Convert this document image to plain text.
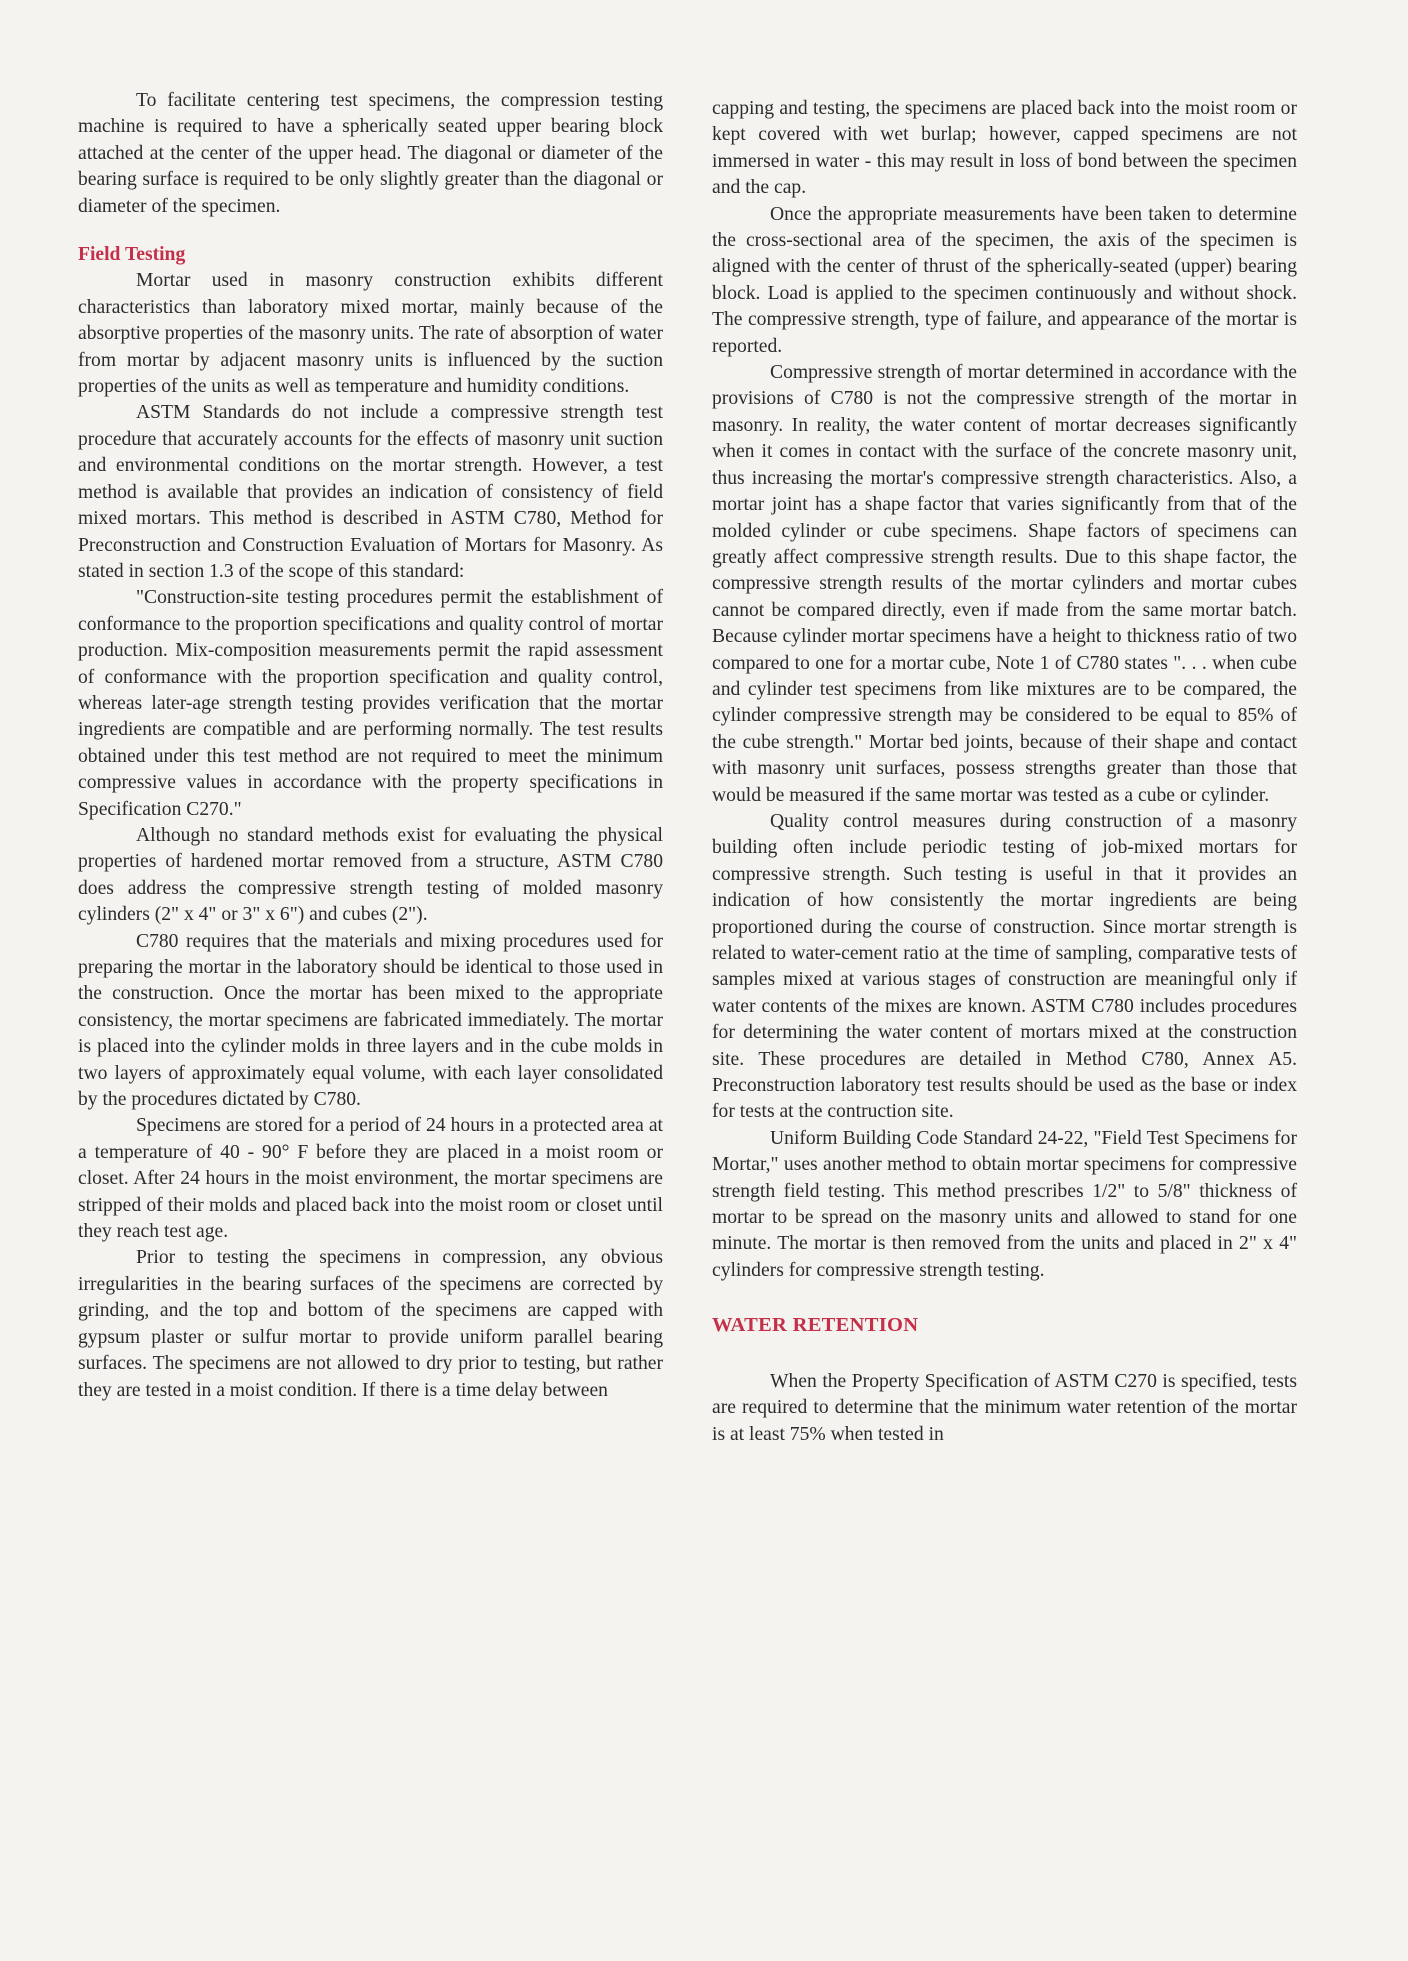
To facilitate centering test specimens, the compression testing machine is required to have a spherically seated upper bearing block attached at the center of the upper head. The diagonal or diameter of the bearing surface is required to be only slightly greater than the diagonal or diameter of the specimen.

Field Testing

Mortar used in masonry construction exhibits different characteristics than laboratory mixed mortar, mainly because of the absorptive properties of the masonry units. The rate of absorption of water from mortar by adjacent masonry units is influenced by the suction properties of the units as well as temperature and humidity conditions.

ASTM Standards do not include a compressive strength test procedure that accurately accounts for the effects of masonry unit suction and environmental conditions on the mortar strength. However, a test method is available that provides an indication of consistency of field mixed mortars. This method is described in ASTM C780, Method for Preconstruction and Construction Evaluation of Mortars for Masonry. As stated in section 1.3 of the scope of this standard:

"Construction-site testing procedures permit the establishment of conformance to the proportion specifications and quality control of mortar production. Mix-composition measurements permit the rapid assessment of conformance with the proportion specification and quality control, whereas later-age strength testing provides verification that the mortar ingredients are compatible and are performing normally. The test results obtained under this test method are not required to meet the minimum compressive values in accordance with the property specifications in Specification C270."

Although no standard methods exist for evaluating the physical properties of hardened mortar removed from a structure, ASTM C780 does address the compressive strength testing of molded masonry cylinders (2" x 4" or 3" x 6") and cubes (2").

C780 requires that the materials and mixing procedures used for preparing the mortar in the laboratory should be identical to those used in the construction. Once the mortar has been mixed to the appropriate consistency, the mortar specimens are fabricated immediately. The mortar is placed into the cylinder molds in three layers and in the cube molds in two layers of approximately equal volume, with each layer consolidated by the procedures dictated by C780.

Specimens are stored for a period of 24 hours in a protected area at a temperature of 40 - 90° F before they are placed in a moist room or closet. After 24 hours in the moist environment, the mortar specimens are stripped of their molds and placed back into the moist room or closet until they reach test age.

Prior to testing the specimens in compression, any obvious irregularities in the bearing surfaces of the specimens are corrected by grinding, and the top and bottom of the specimens are capped with gypsum plaster or sulfur mortar to provide uniform parallel bearing surfaces. The specimens are not allowed to dry prior to testing, but rather they are tested in a moist condition. If there is a time delay between

capping and testing, the specimens are placed back into the moist room or kept covered with wet burlap; however, capped specimens are not immersed in water - this may result in loss of bond between the specimen and the cap.

Once the appropriate measurements have been taken to determine the cross-sectional area of the specimen, the axis of the specimen is aligned with the center of thrust of the spherically-seated (upper) bearing block. Load is applied to the specimen continuously and without shock. The compressive strength, type of failure, and appearance of the mortar is reported.

Compressive strength of mortar determined in accordance with the provisions of C780 is not the compressive strength of the mortar in masonry. In reality, the water content of mortar decreases significantly when it comes in contact with the surface of the concrete masonry unit, thus increasing the mortar's compressive strength characteristics. Also, a mortar joint has a shape factor that varies significantly from that of the molded cylinder or cube specimens. Shape factors of specimens can greatly affect compressive strength results. Due to this shape factor, the compressive strength results of the mortar cylinders and mortar cubes cannot be compared directly, even if made from the same mortar batch. Because cylinder mortar specimens have a height to thickness ratio of two compared to one for a mortar cube, Note 1 of C780 states ". . . when cube and cylinder test specimens from like mixtures are to be compared, the cylinder compressive strength may be considered to be equal to 85% of the cube strength." Mortar bed joints, because of their shape and contact with masonry unit surfaces, possess strengths greater than those that would be measured if the same mortar was tested as a cube or cylinder.

Quality control measures during construction of a masonry building often include periodic testing of job-mixed mortars for compressive strength. Such testing is useful in that it provides an indication of how consistently the mortar ingredients are being proportioned during the course of construction. Since mortar strength is related to water-cement ratio at the time of sampling, comparative tests of samples mixed at various stages of construction are meaningful only if water contents of the mixes are known. ASTM C780 includes procedures for determining the water content of mortars mixed at the construction site. These procedures are detailed in Method C780, Annex A5. Preconstruction laboratory test results should be used as the base or index for tests at the contruction site.

Uniform Building Code Standard 24-22, "Field Test Specimens for Mortar," uses another method to obtain mortar specimens for compressive strength field testing. This method prescribes 1/2" to 5/8" thickness of mortar to be spread on the masonry units and allowed to stand for one minute. The mortar is then removed from the units and placed in 2" x 4" cylinders for compressive strength testing.

WATER RETENTION

When the Property Specification of ASTM C270 is specified, tests are required to determine that the minimum water retention of the mortar is at least 75% when tested in
